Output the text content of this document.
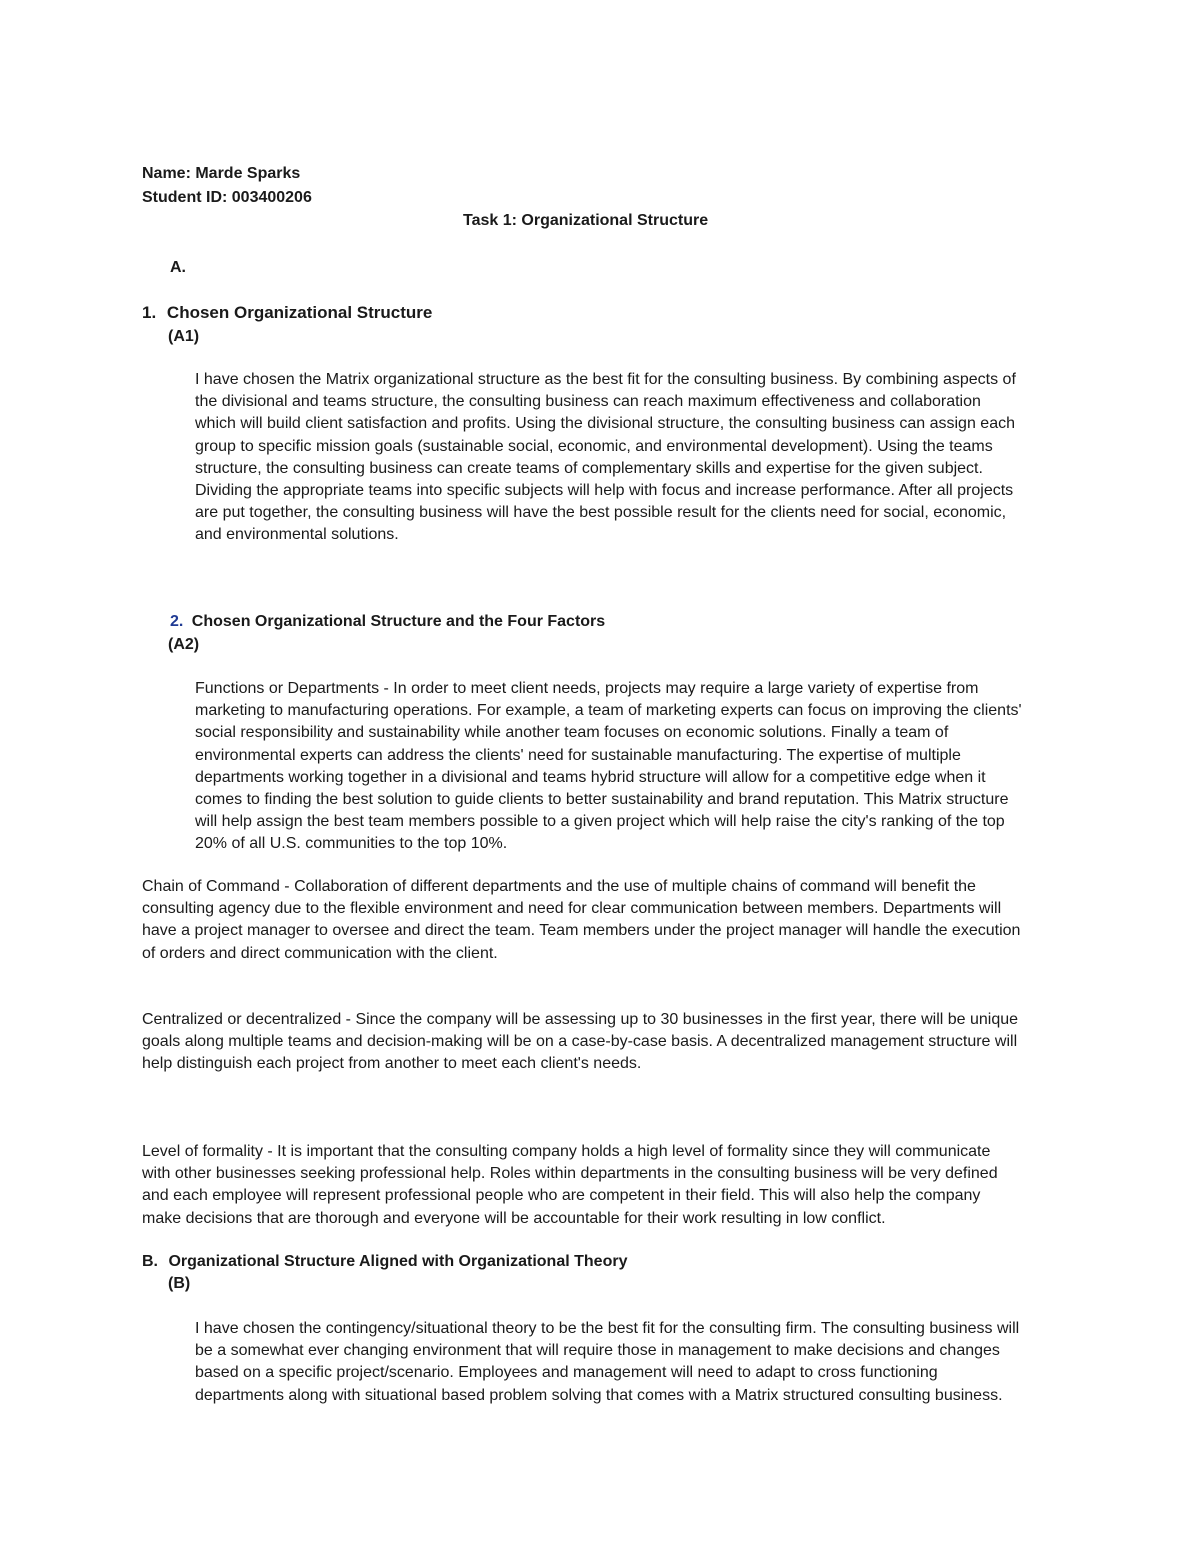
Name: Marde Sparks
Student ID: 003400206
Task 1: Organizational Structure
A.
1. Chosen Organizational Structure
(A1)
I have chosen the Matrix organizational structure as the best fit for the consulting business. By combining aspects of
the divisional and teams structure, the consulting business can reach maximum effectiveness and collaboration
which will build client satisfaction and profits. Using the divisional structure, the consulting business can assign each
group to specific mission goals (sustainable social, economic, and environmental development). Using the teams
structure, the consulting business can create teams of complementary skills and expertise for the given subject.
Dividing the appropriate teams into specific subjects will help with focus and increase performance. After all projects
are put together, the consulting business will have the best possible result for the clients need for social, economic,
and environmental solutions.
2. Chosen Organizational Structure and the Four Factors
(A2)
Functions or Departments - In order to meet client needs, projects may require a large variety of expertise from
marketing to manufacturing operations. For example, a team of marketing experts can focus on improving the clients'
social responsibility and sustainability while another team focuses on economic solutions. Finally a team of
environmental experts can address the clients' need for sustainable manufacturing. The expertise of multiple
departments working together in a divisional and teams hybrid structure will allow for a competitive edge when it
comes to finding the best solution to guide clients to better sustainability and brand reputation. This Matrix structure
will help assign the best team members possible to a given project which will help raise the city's ranking of the top
20% of all U.S. communities to the top 10%.
Chain of Command - Collaboration of different departments and the use of multiple chains of command will benefit the
consulting agency due to the flexible environment and need for clear communication between members. Departments will
have a project manager to oversee and direct the team. Team members under the project manager will handle the execution
of orders and direct communication with the client.
Centralized or decentralized - Since the company will be assessing up to 30 businesses in the first year, there will be unique
goals along multiple teams and decision-making will be on a case-by-case basis. A decentralized management structure will
help distinguish each project from another to meet each client's needs.
Level of formality - It is important that the consulting company holds a high level of formality since they will communicate
with other businesses seeking professional help. Roles within departments in the consulting business will be very defined
and each employee will represent professional people who are competent in their field. This will also help the company
make decisions that are thorough and everyone will be accountable for their work resulting in low conflict.
B. Organizational Structure Aligned with Organizational Theory
(B)
I have chosen the contingency/situational theory to be the best fit for the consulting firm. The consulting business will
be a somewhat ever changing environment that will require those in management to make decisions and changes
based on a specific project/scenario. Employees and management will need to adapt to cross functioning
departments along with situational based problem solving that comes with a Matrix structured consulting business.
